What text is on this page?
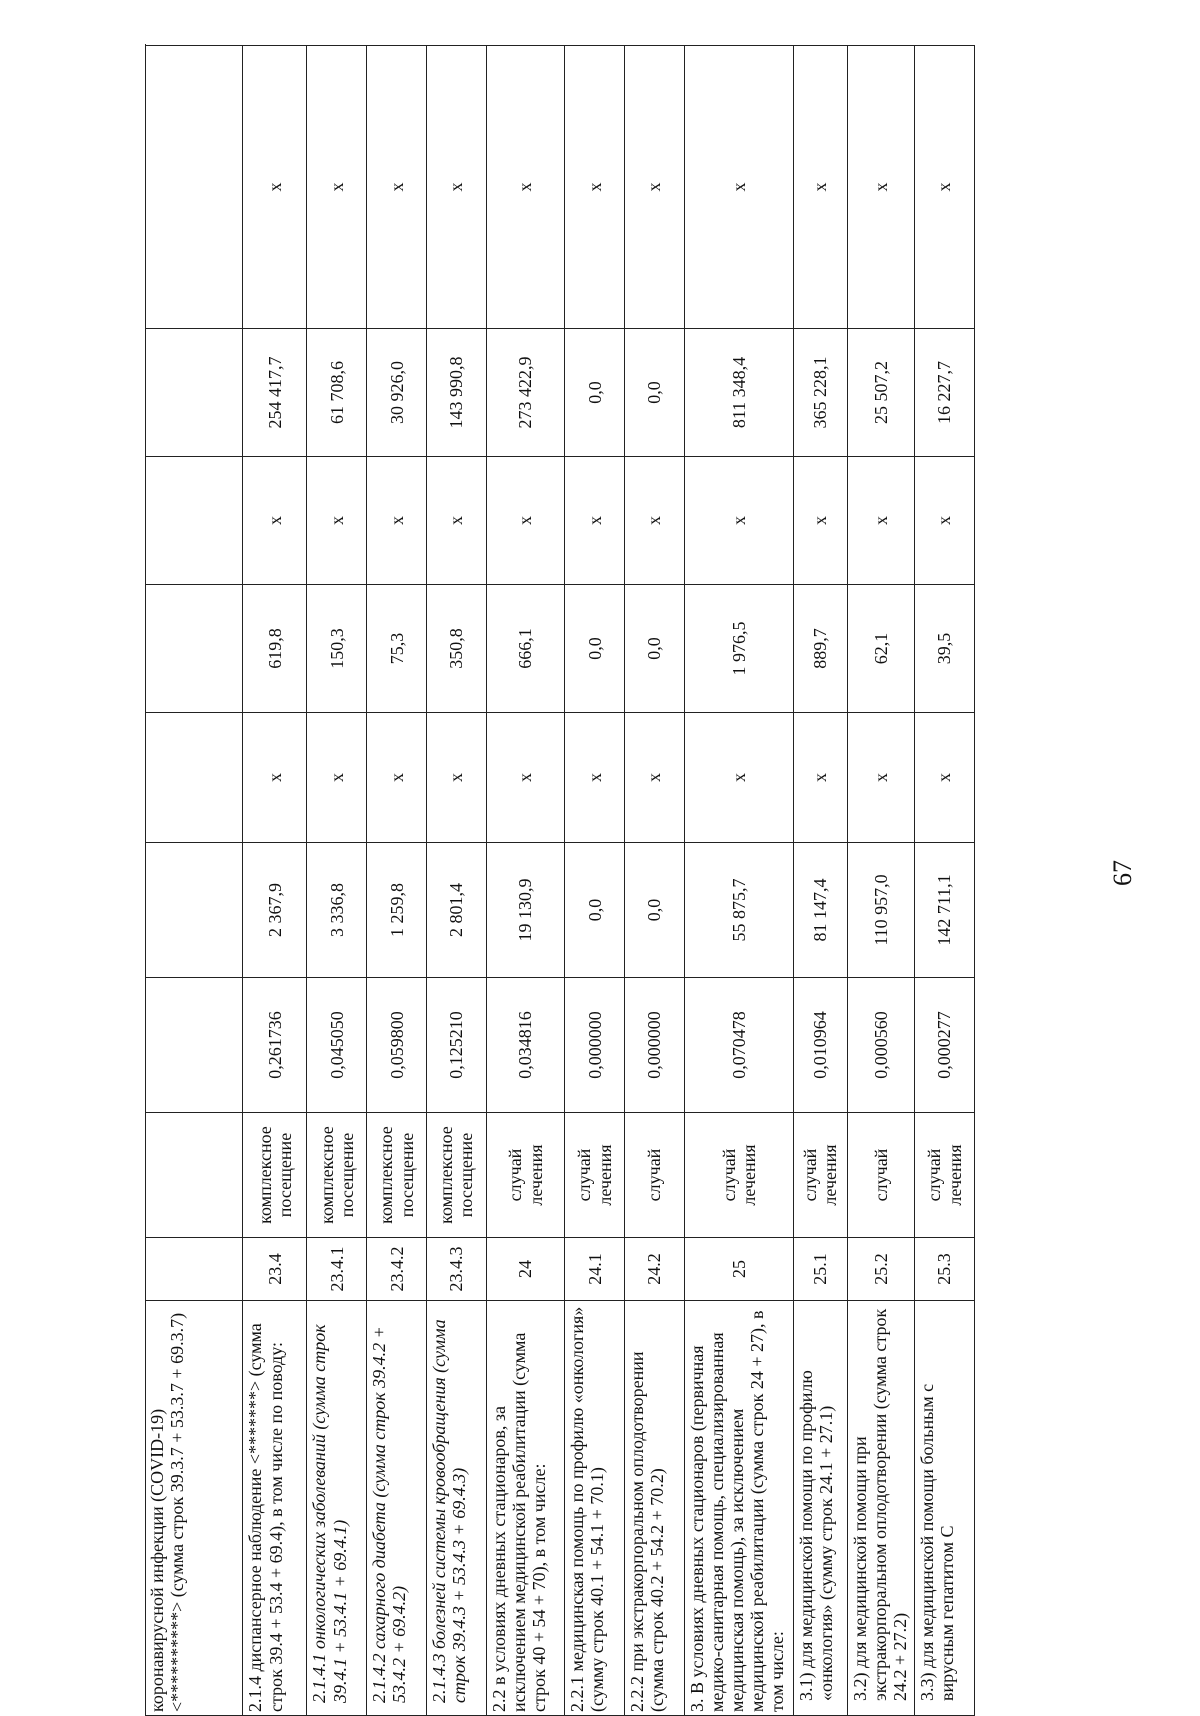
коронавирусной инфекции (COVID-19) <**********> (сумма строк 39.3.7 + 53.3.7 + 69.3.7)									
2.1.4 диспансерное наблюдение <*******> (сумма строк 39.4 + 53.4 + 69.4), в том числе по поводу:	23.4	комплексное посещение	0,261736	2 367,9	х	619,8	х	254 417,7	х
2.1.4.1 онкологических заболеваний (сумма строк 39.4.1 + 53.4.1 + 69.4.1)	23.4.1	комплексное посещение	0,045050	3 336,8	х	150,3	х	61 708,6	х
2.1.4.2 сахарного диабета (сумма строк 39.4.2 + 53.4.2 + 69.4.2)	23.4.2	комплексное посещение	0,059800	1 259,8	х	75,3	х	30 926,0	х
2.1.4.3 болезней системы кровообращения (сумма строк 39.4.3 + 53.4.3 + 69.4.3)	23.4.3	комплексное посещение	0,125210	2 801,4	х	350,8	х	143 990,8	х
2.2 в условиях дневных стационаров, за исключением медицинской реабилитации (сумма строк 40 + 54 + 70), в том числе:	24	случай лечения	0,034816	19 130,9	х	666,1	х	273 422,9	х
2.2.1 медицинская помощь по профилю «онкология» (сумму строк 40.1 + 54.1 + 70.1)	24.1	случай лечения	0,000000	0,0	х	0,0	х	0,0	х
2.2.2 при экстракорпоральном оплодотворении (сумма строк 40.2 + 54.2 + 70.2)	24.2	случай	0,000000	0,0	х	0,0	х	0,0	х
3. В условиях дневных стационаров (первичная медико-санитарная помощь, специализированная медицинская помощь), за исключением медицинской реабилитации (сумма строк 24 + 27), в том числе:	25	случай лечения	0,070478	55 875,7	х	1 976,5	х	811 348,4	х
3.1) для медицинской помощи по профилю «онкология» (сумму строк 24.1 + 27.1)	25.1	случай лечения	0,010964	81 147,4	х	889,7	х	365 228,1	х
3.2) для медицинской помощи при экстракорпоральном оплодотворении (сумма строк 24.2 + 27.2)	25.2	случай	0,000560	110 957,0	х	62,1	х	25 507,2	х
3.3) для медицинской помощи больным с вирусным гепатитом С	25.3	случай лечения	0,000277	142 711,1	х	39,5	х	16 227,7	х
67
